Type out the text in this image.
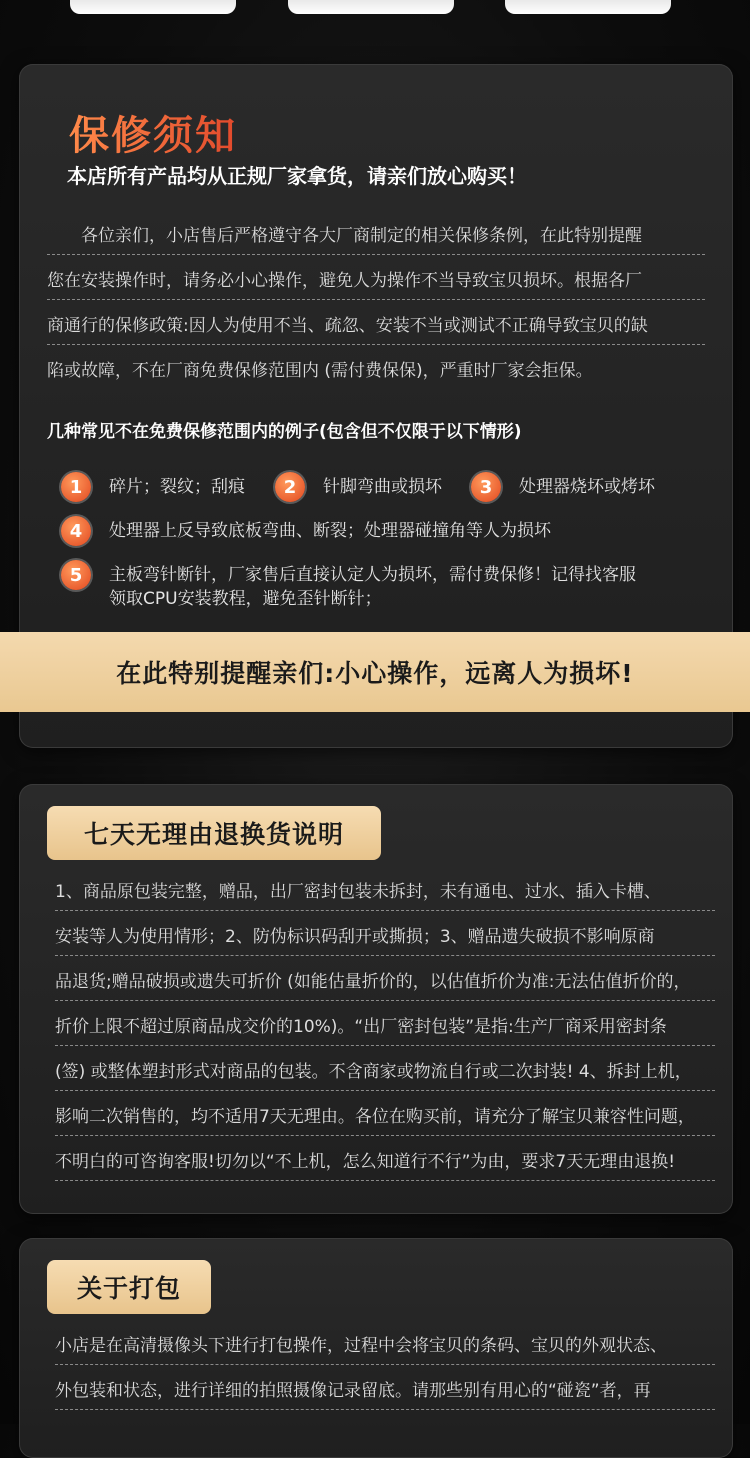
保修须知
本店所有产品均从正规厂家拿货，请亲们放心购买！
各位亲们，小店售后严格遵守各大厂商制定的相关保修条例，在此特别提醒
您在安装操作时，请务必小心操作，避免人为操作不当导致宝贝损坏。根据各厂
商通行的保修政策:因人为使用不当、疏忽、安装不当或测试不正确导致宝贝的缺
陷或故障，不在厂商免费保修范围内 (需付费保保)，严重时厂家会拒保。
几种常见不在免费保修范围内的例子(包含但不仅限于以下情形)
1	碎片；裂纹；刮痕	2	针脚弯曲或损坏	3	处理器烧坏或烤坏
4	处理器上反导致底板弯曲、断裂；处理器碰撞角等人为损坏
5	主板弯针断针，厂家售后直接认定人为损坏，需付费保修！记得找客服
领取CPU安装教程，避免歪针断针；
在此特别提醒亲们:小心操作，远离人为损坏!
七天无理由退换货说明
1、商品原包装完整，赠品，出厂密封包装未拆封，未有通电、过水、插入卡槽、
安装等人为使用情形；2、防伪标识码刮开或撕损；3、赠品遗失破损不影响原商
品退货;赠品破损或遗失可折价 (如能估量折价的，以估值折价为准:无法估值折价的，
折价上限不超过原商品成交价的10%)。“出厂密封包装”是指:生产厂商采用密封条
(签) 或整体塑封形式对商品的包装。不含商家或物流自行或二次封装! 4、拆封上机，
影响二次销售的，均不适用7天无理由。各位在购买前，请充分了解宝贝兼容性问题，
不明白的可咨询客服!切勿以“不上机，怎么知道行不行”为由，要求7天无理由退换!
关于打包
小店是在高清摄像头下进行打包操作，过程中会将宝贝的条码、宝贝的外观状态、
外包装和状态，进行详细的拍照摄像记录留底。请那些别有用心的“碰瓷”者，再
